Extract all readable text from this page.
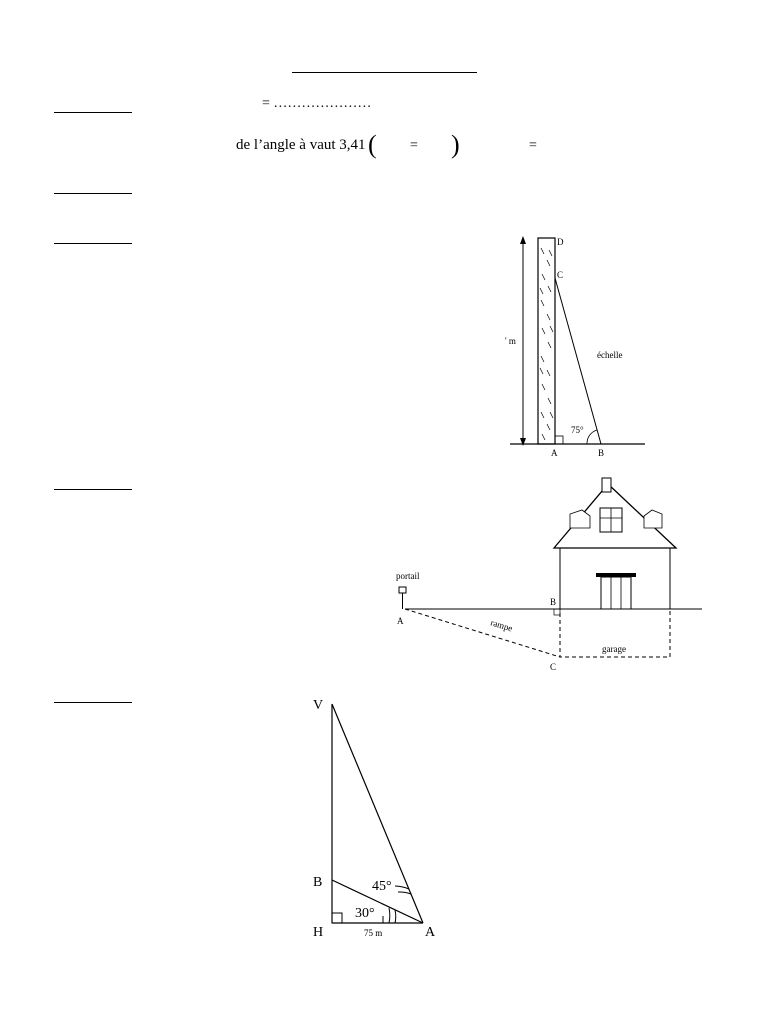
= …………………
de l’angle à vaut 3,41 ( = )	=
' m
75°
échelle
D
C
A	B
portail
A	rampe
garage
B
C
V
B
H	A
45°
30°
75 m
